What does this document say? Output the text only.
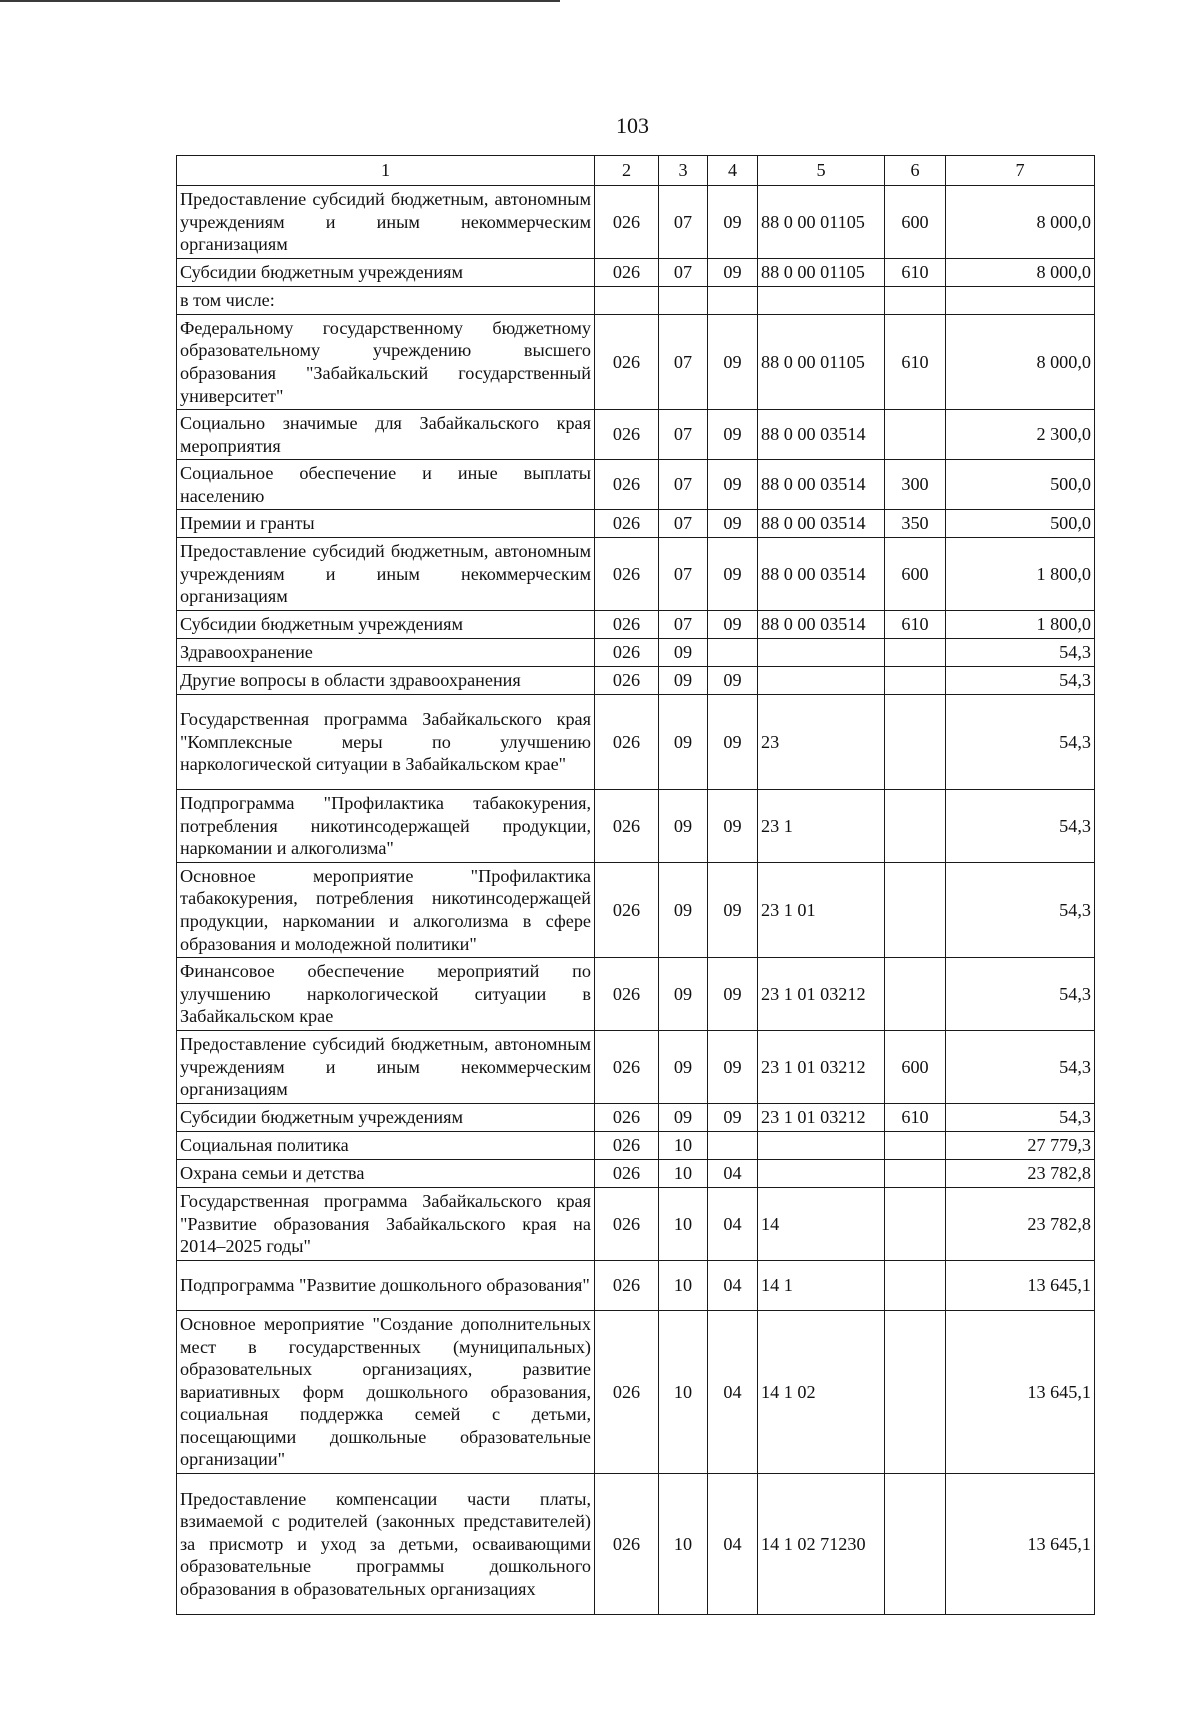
103
1	2	3	4	5	6	7
Предоставление субсидий бюджетным, автономным учреждениям и иным некоммерческим организациям	026	07	09	88 0 00 01105	600	8 000,0
Субсидии бюджетным учреждениям	026	07	09	88 0 00 01105	610	8 000,0
в том числе:						
Федеральному государственному бюджетному образовательному учреждению высшего образования "Забайкальский государственный университет"	026	07	09	88 0 00 01105	610	8 000,0
Социально значимые для Забайкальского края мероприятия	026	07	09	88 0 00 03514		2 300,0
Социальное обеспечение и иные выплаты населению	026	07	09	88 0 00 03514	300	500,0
Премии и гранты	026	07	09	88 0 00 03514	350	500,0
Предоставление субсидий бюджетным, автономным учреждениям и иным некоммерческим организациям	026	07	09	88 0 00 03514	600	1 800,0
Субсидии бюджетным учреждениям	026	07	09	88 0 00 03514	610	1 800,0
Здравоохранение	026	09				54,3
Другие вопросы в области здравоохранения	026	09	09			54,3
Государственная программа Забайкальского края "Комплексные меры по улучшению наркологической ситуации в Забайкальском крае"	026	09	09	23		54,3
Подпрограмма "Профилактика табакокурения, потребления никотинсодержащей продукции, наркомании и алкоголизма"	026	09	09	23 1		54,3
Основное мероприятие "Профилактика табакокурения, потребления никотинсодержащей продукции, наркомании и алкоголизма в сфере образования и молодежной политики"	026	09	09	23 1 01		54,3
Финансовое обеспечение мероприятий по улучшению наркологической ситуации в Забайкальском крае	026	09	09	23 1 01 03212		54,3
Предоставление субсидий бюджетным, автономным учреждениям и иным некоммерческим организациям	026	09	09	23 1 01 03212	600	54,3
Субсидии бюджетным учреждениям	026	09	09	23 1 01 03212	610	54,3
Социальная политика	026	10				27 779,3
Охрана семьи и детства	026	10	04			23 782,8
Государственная программа Забайкальского края "Развитие образования Забайкальского края на 2014–2025 годы"	026	10	04	14		23 782,8
Подпрограмма "Развитие дошкольного образования"	026	10	04	14 1		13 645,1
Основное мероприятие "Создание дополнительных мест в государственных (муниципальных) образовательных организациях, развитие вариативных форм дошкольного образования, социальная поддержка семей с детьми, посещающими дошкольные образовательные организации"	026	10	04	14 1 02		13 645,1
Предоставление компенсации части платы, взимаемой с родителей (законных представителей) за присмотр и уход за детьми, осваивающими образовательные программы дошкольного образования в образовательных организациях	026	10	04	14 1 02 71230		13 645,1
